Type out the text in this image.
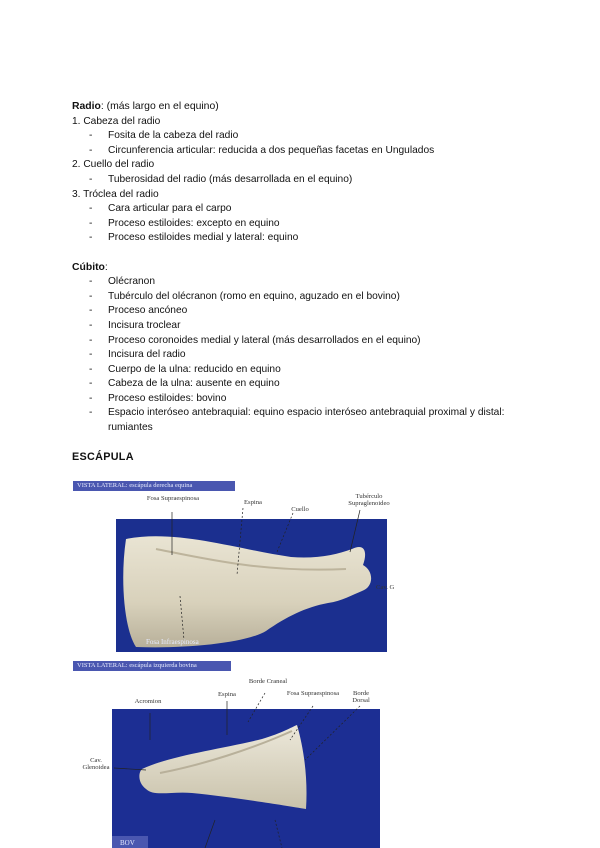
Radio: (más largo en el equino)
1. Cabeza del radio
- Fosita de la cabeza del radio
- Circunferencia articular: reducida a dos pequeñas facetas en Ungulados
2. Cuello del radio
- Tuberosidad del radio (más desarrollada en el equino)
3. Tróclea del radio
- Cara articular para el carpo
- Proceso estiloides: excepto en equino
- Proceso estiloides medial y lateral: equino
Cúbito:
- Olécranon
- Tubérculo del olécranon (romo en equino, aguzado en el bovino)
- Proceso ancóneo
- Incisura troclear
- Proceso coronoides medial y lateral (más desarrollados en el equino)
- Incisura del radio
- Cuerpo de la ulna: reducido en equino
- Cabeza de la ulna: ausente en equino
- Proceso estiloides: bovino
- Espacio interóseo antebraquial: equino espacio interóseo antebraquial proximal y distal: rumiantes
ESCÁPULA
VISTA LATERAL: escápula derecha equina
Fosa Supraespinosa
Espina
Cuello
Tubérculo Supraglenoideo
Fosa Infraespinosa
Cav. G
VISTA LATERAL: escápula izquierda bovina
Borde Craneal
Acromion
Espina	Fosa Supraespinosa	Borde Dorsal
Cav. Glenoidea
BOV
